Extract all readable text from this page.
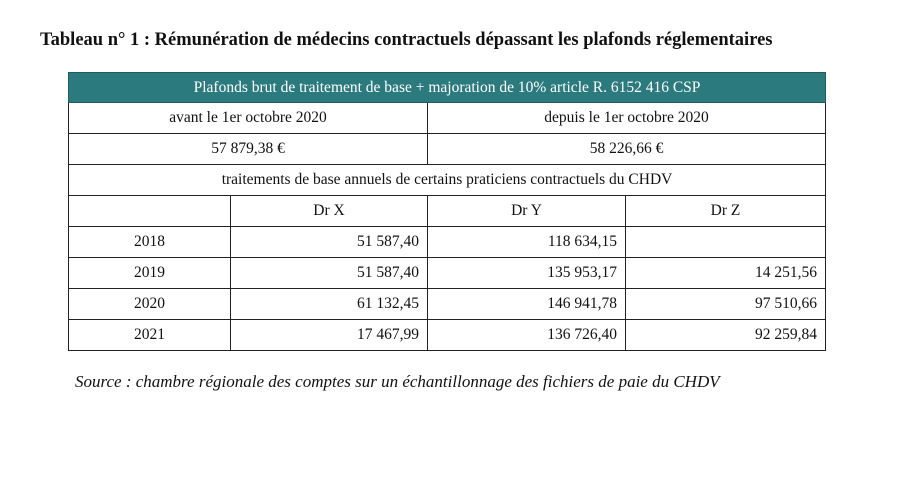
Tableau n° 1 : Rémunération de médecins contractuels dépassant les plafonds réglementaires
Plafonds brut de traitement de base + majoration de 10% article R. 6152 416 CSP			
avant le 1er octobre 2020		depuis le 1er octobre 2020	
57 879,38 €		58 226,66 €	
traitements de base annuels de certains praticiens contractuels du CHDV			
	Dr X	Dr Y	Dr Z
2018	51 587,40	118 634,15	
2019	51 587,40	135 953,17	14 251,56
2020	61 132,45	146 941,78	97 510,66
2021	17 467,99	136 726,40	92 259,84
Source : chambre régionale des comptes sur un échantillonnage des fichiers de paie du CHDV
